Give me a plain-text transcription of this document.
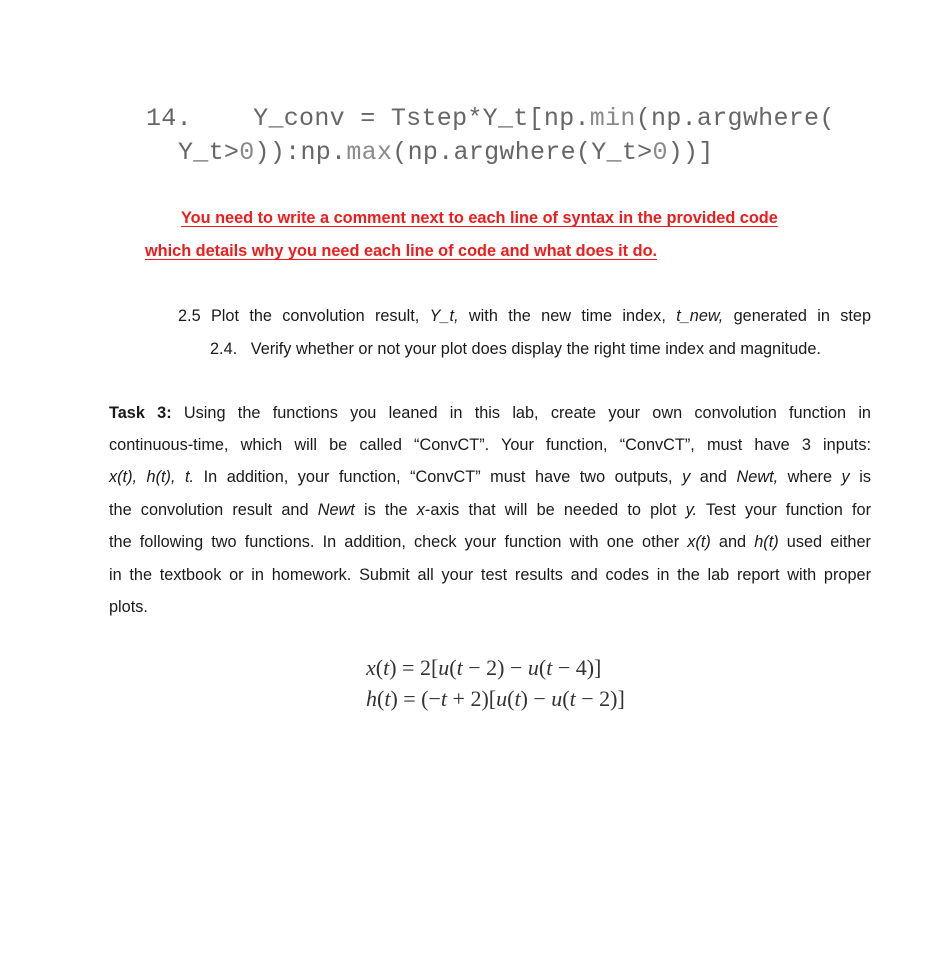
14. Y_conv = Tstep*Y_t[np.min(np.argwhere(
Y_t>0)):np.max(np.argwhere(Y_t>0))]
You need to write a comment next to each line of syntax in the provided code
which details why you need each line of code and what does it do.
2.5 Plot the convolution result, Y_t, with the new time index, t_new, generated in step
2.4.   Verify whether or not your plot does display the right time index and magnitude.
Task 3: Using the functions you leaned in this lab, create your own convolution function in
continuous-time, which will be called “ConvCT”. Your function, “ConvCT”, must have 3 inputs:
x(t), h(t), t. In addition, your function, “ConvCT” must have two outputs, y and Newt, where y is
the convolution result and Newt is the x-axis that will be needed to plot y. Test your function for
the following two functions. In addition, check your function with one other x(t) and h(t) used either
in the textbook or in homework. Submit all your test results and codes in the lab report with proper
plots.
x(t) = 2[u(t − 2) − u(t − 4)]
h(t) = (−t + 2)[u(t) − u(t − 2)]
